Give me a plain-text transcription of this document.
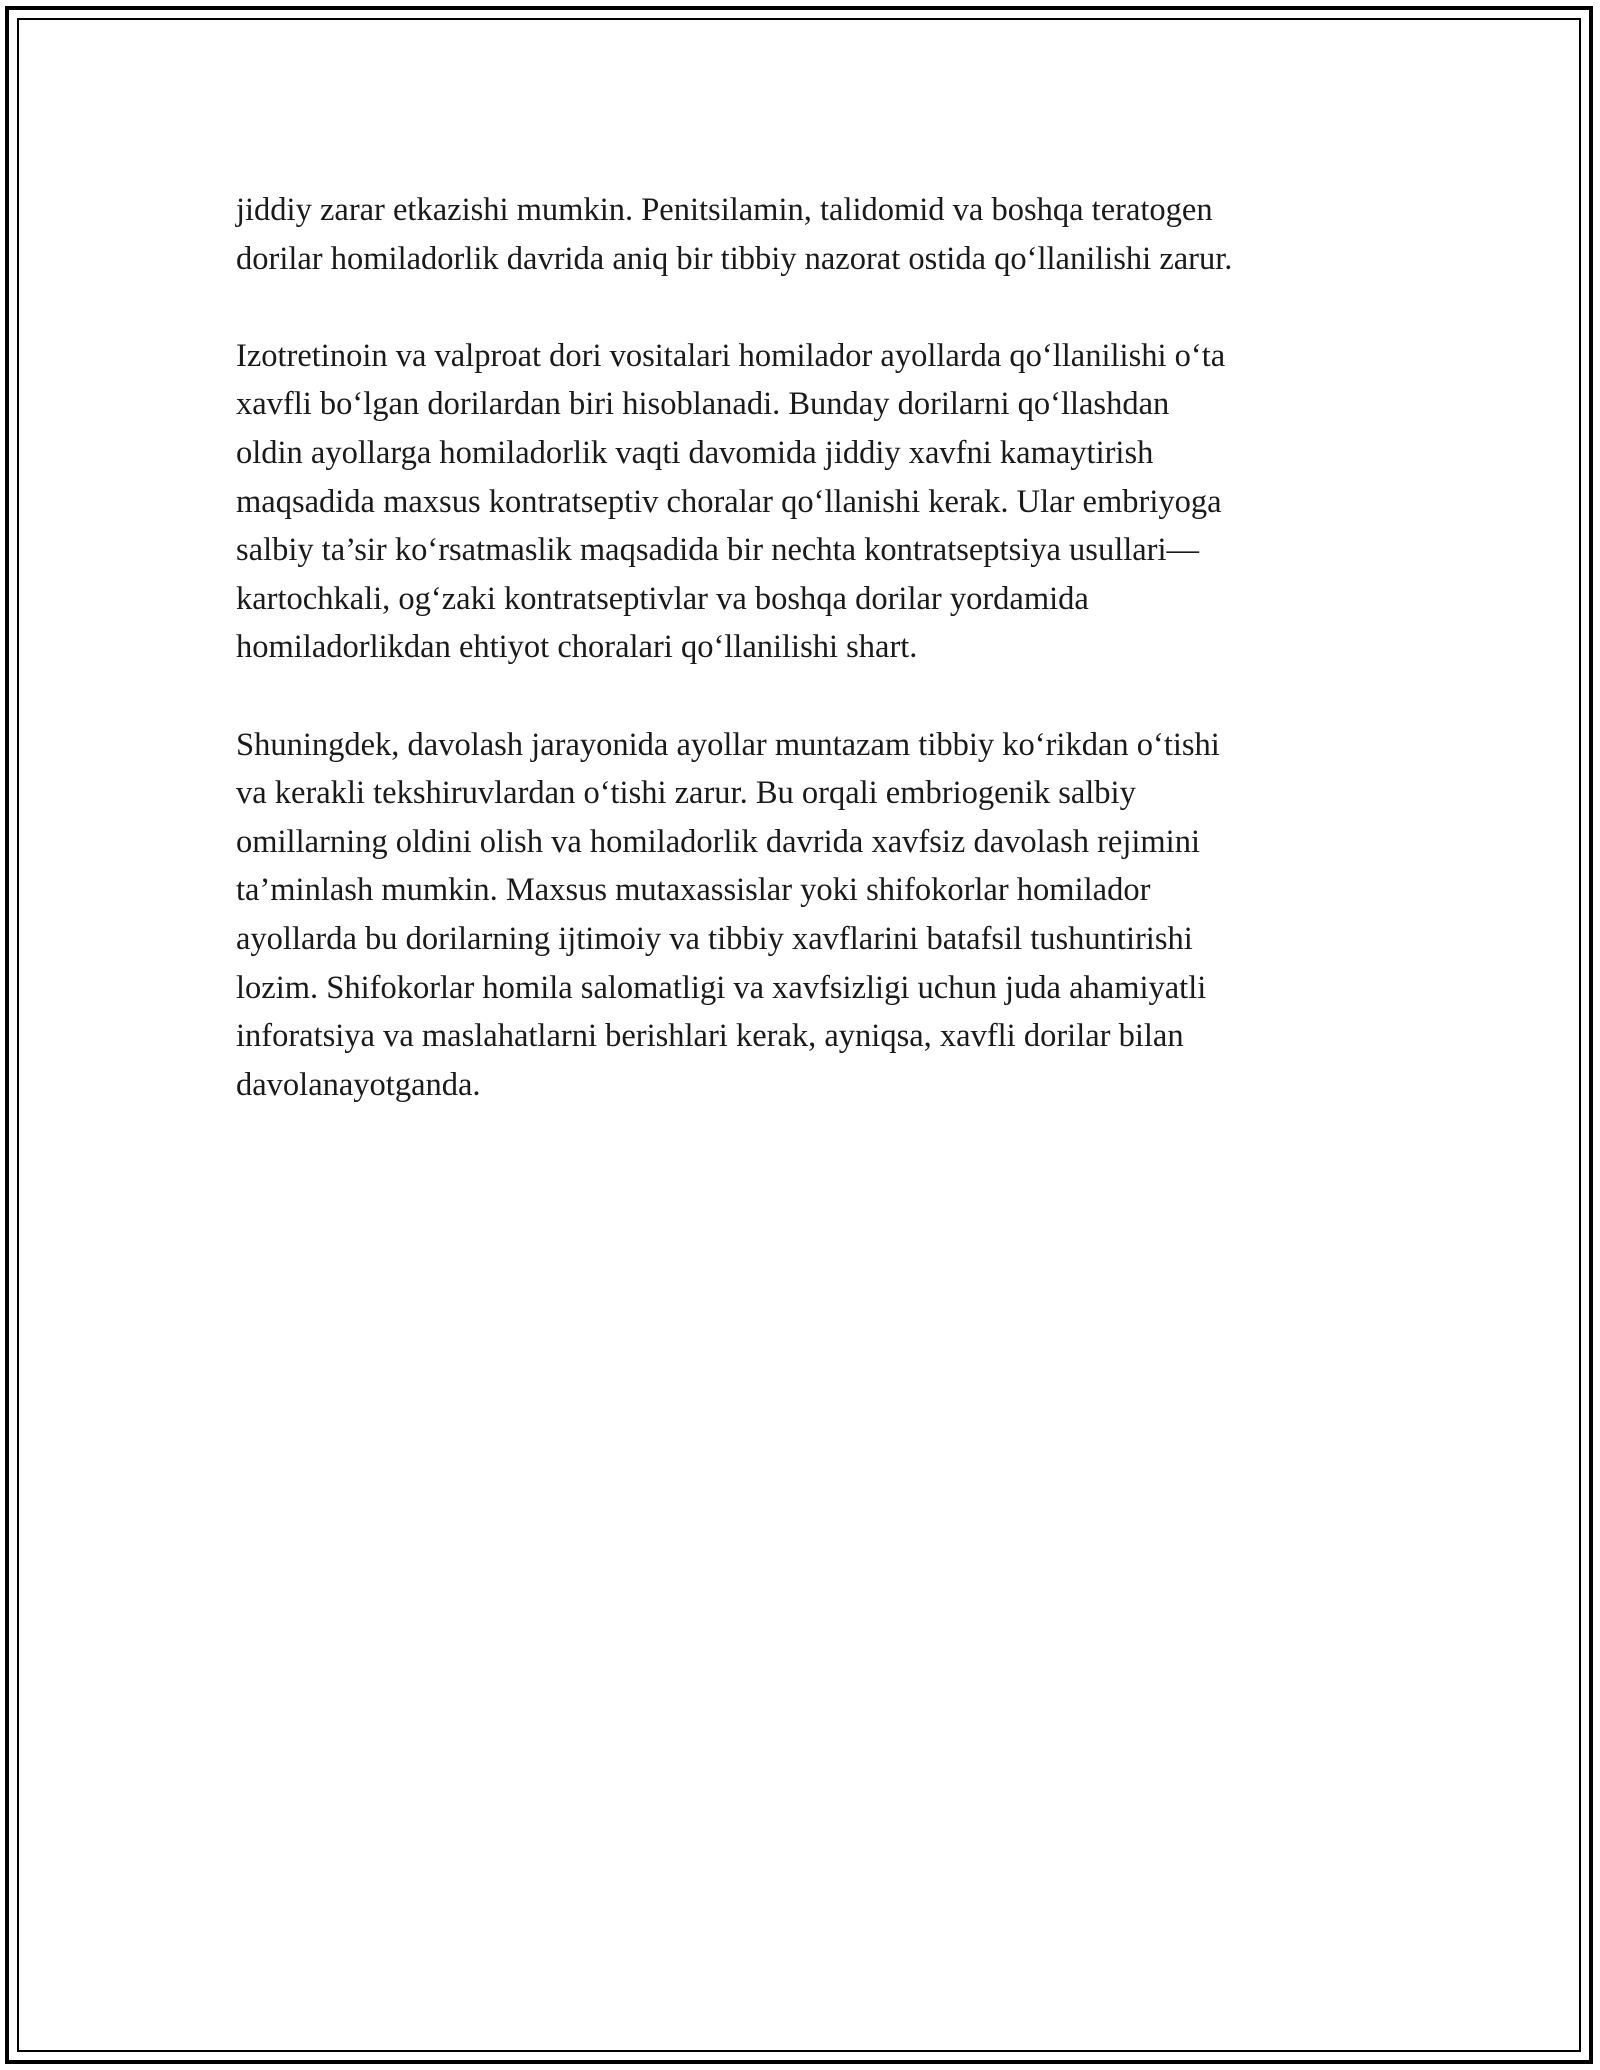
jiddiy zarar etkazishi mumkin. Penitsilamin, talidomid va boshqa teratogen
dorilar homiladorlik davrida aniq bir tibbiy nazorat ostida qo‘llanilishi zarur.

Izotretinoin va valproat dori vositalari homilador ayollarda qo‘llanilishi o‘ta
xavfli bo‘lgan dorilardan biri hisoblanadi. Bunday dorilarni qo‘llashdan
oldin ayollarga homiladorlik vaqti davomida jiddiy xavfni kamaytirish
maqsadida maxsus kontratseptiv choralar qo‘llanishi kerak. Ular embriyoga
salbiy ta’sir ko‘rsatmaslik maqsadida bir nechta kontratseptsiya usullari—
kartochkali, og‘zaki kontratseptivlar va boshqa dorilar yordamida
homiladorlikdan ehtiyot choralari qo‘llanilishi shart.

Shuningdek, davolash jarayonida ayollar muntazam tibbiy ko‘rikdan o‘tishi
va kerakli tekshiruvlardan o‘tishi zarur. Bu orqali embriogenik salbiy
omillarning oldini olish va homiladorlik davrida xavfsiz davolash rejimini
ta’minlash mumkin. Maxsus mutaxassislar yoki shifokorlar homilador
ayollarda bu dorilarning ijtimoiy va tibbiy xavflarini batafsil tushuntirishi
lozim. Shifokorlar homila salomatligi va xavfsizligi uchun juda ahamiyatli
inforatsiya va maslahatlarni berishlari kerak, ayniqsa, xavfli dorilar bilan
davolanayotganda.
